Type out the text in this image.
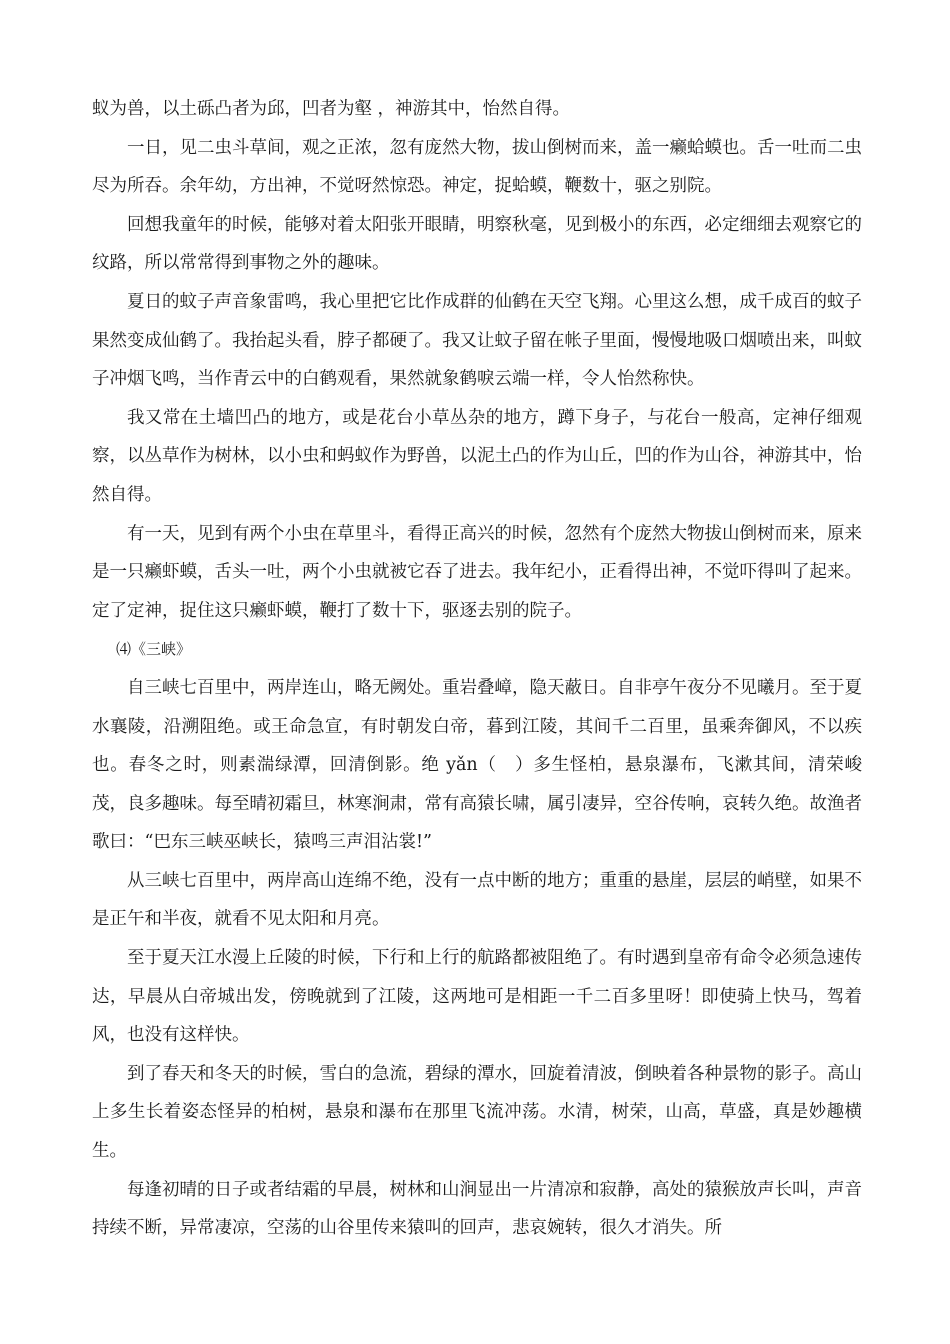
蚁为兽，以土砾凸者为邱，凹者为壑 ，神游其中，怡然自得。

一日，见二虫斗草间，观之正浓，忽有庞然大物，拔山倒树而来，盖一癞蛤蟆也。舌一吐而二虫尽为所吞。余年幼，方出神，不觉呀然惊恐。神定，捉蛤蟆，鞭数十，驱之别院。

回想我童年的时候，能够对着太阳张开眼睛，明察秋毫，见到极小的东西，必定细细去观察它的纹路，所以常常得到事物之外的趣味。

夏日的蚊子声音象雷鸣，我心里把它比作成群的仙鹤在天空飞翔。心里这么想，成千成百的蚊子果然变成仙鹤了。我抬起头看，脖子都硬了。我又让蚊子留在帐子里面，慢慢地吸口烟喷出来，叫蚊子冲烟飞鸣，当作青云中的白鹤观看，果然就象鹤唳云端一样，令人怡然称快。

我又常在土墙凹凸的地方，或是花台小草丛杂的地方，蹲下身子，与花台一般高，定神仔细观察，以丛草作为树林，以小虫和蚂蚁作为野兽，以泥土凸的作为山丘，凹的作为山谷，神游其中，怡然自得。

有一天，见到有两个小虫在草里斗，看得正高兴的时候，忽然有个庞然大物拔山倒树而来，原来是一只癞虾蟆，舌头一吐，两个小虫就被它吞了进去。我年纪小，正看得出神，不觉吓得叫了起来。定了定神，捉住这只癞虾蟆，鞭打了数十下，驱逐去别的院子。

⑷《三峡》

自三峡七百里中，两岸连山，略无阙处。重岩叠嶂，隐天蔽日。自非亭午夜分不见曦月。至于夏水襄陵，沿溯阻绝。或王命急宣，有时朝发白帝，暮到江陵，其间千二百里，虽乘奔御风，不以疾也。春冬之时，则素湍绿潭，回清倒影。绝 yǎn（　）多生怪柏，悬泉瀑布，飞漱其间，清荣峻茂，良多趣味。每至晴初霜旦，林寒涧肃，常有高猿长啸，属引凄异，空谷传响，哀转久绝。故渔者歌曰：“巴东三峡巫峡长，猿鸣三声泪沾裳!”

从三峡七百里中，两岸高山连绵不绝，没有一点中断的地方；重重的悬崖，层层的峭壁，如果不是正午和半夜，就看不见太阳和月亮。

至于夏天江水漫上丘陵的时候，下行和上行的航路都被阻绝了。有时遇到皇帝有命令必须急速传达，早晨从白帝城出发，傍晚就到了江陵，这两地可是相距一千二百多里呀！即使骑上快马，驾着风，也没有这样快。

到了春天和冬天的时候，雪白的急流，碧绿的潭水，回旋着清波，倒映着各种景物的影子。高山上多生长着姿态怪异的柏树，悬泉和瀑布在那里飞流冲荡。水清，树荣，山高，草盛，真是妙趣横生。

每逢初晴的日子或者结霜的早晨，树林和山涧显出一片清凉和寂静，高处的猿猴放声长叫，声音持续不断，异常凄凉，空荡的山谷里传来猿叫的回声，悲哀婉转，很久才消失。所
